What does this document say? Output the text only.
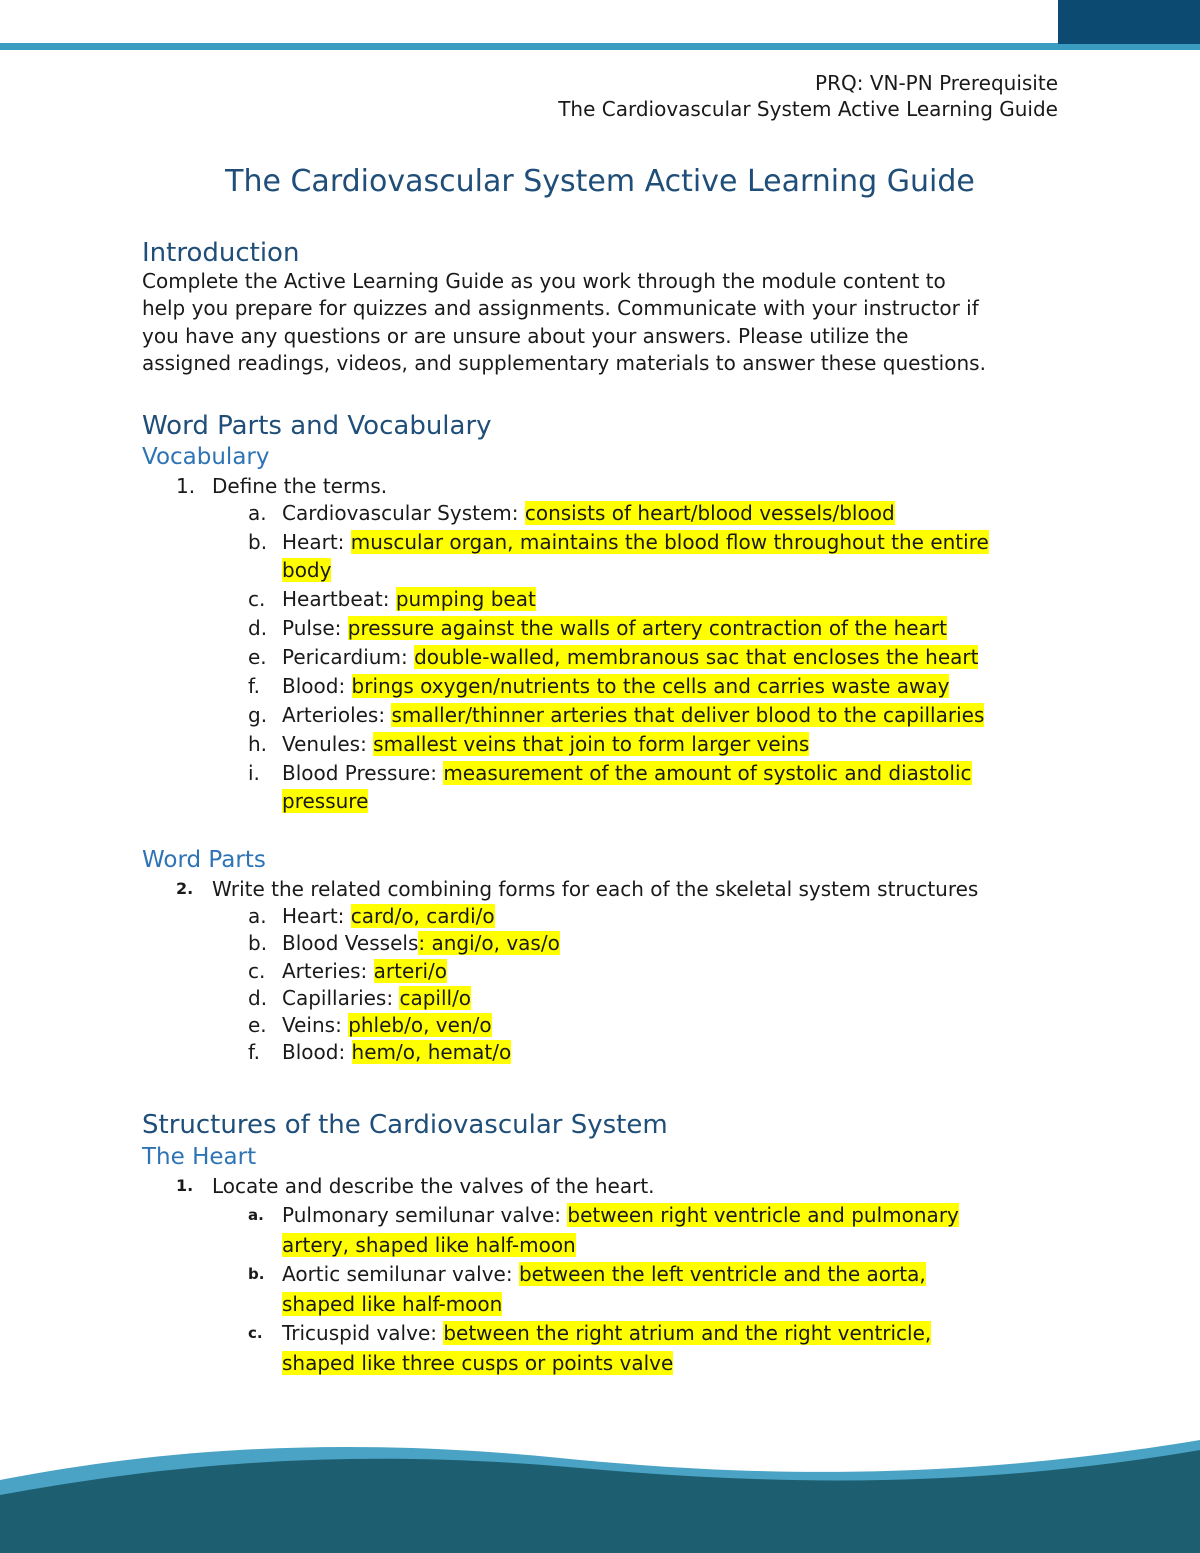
PRQ: VN-PN Prerequisite
The Cardiovascular System Active Learning Guide
The Cardiovascular System Active Learning Guide
Introduction
Complete the Active Learning Guide as you work through the module content to
help you prepare for quizzes and assignments. Communicate with your instructor if
you have any questions or are unsure about your answers. Please utilize the
assigned readings, videos, and supplementary materials to answer these questions.
Word Parts and Vocabulary
Vocabulary
1. Define the terms.
a. Cardiovascular System: consists of heart/blood vessels/blood
b. Heart: muscular organ, maintains the blood flow throughout the entire
body
c. Heartbeat: pumping beat
d. Pulse: pressure against the walls of artery contraction of the heart
e. Pericardium: double-walled, membranous sac that encloses the heart
f. Blood: brings oxygen/nutrients to the cells and carries waste away
g. Arterioles: smaller/thinner arteries that deliver blood to the capillaries
h. Venules: smallest veins that join to form larger veins
i. Blood Pressure: measurement of the amount of systolic and diastolic
pressure
Word Parts
2. Write the related combining forms for each of the skeletal system structures
a. Heart: card/o, cardi/o
b. Blood Vessels: angi/o, vas/o
c. Arteries: arteri/o
d. Capillaries: capill/o
e. Veins: phleb/o, ven/o
f. Blood: hem/o, hemat/o
Structures of the Cardiovascular System
The Heart
1. Locate and describe the valves of the heart.
a. Pulmonary semilunar valve: between right ventricle and pulmonary
artery, shaped like half-moon
b. Aortic semilunar valve: between the left ventricle and the aorta,
shaped like half-moon
c. Tricuspid valve: between the right atrium and the right ventricle,
shaped like three cusps or points valve
